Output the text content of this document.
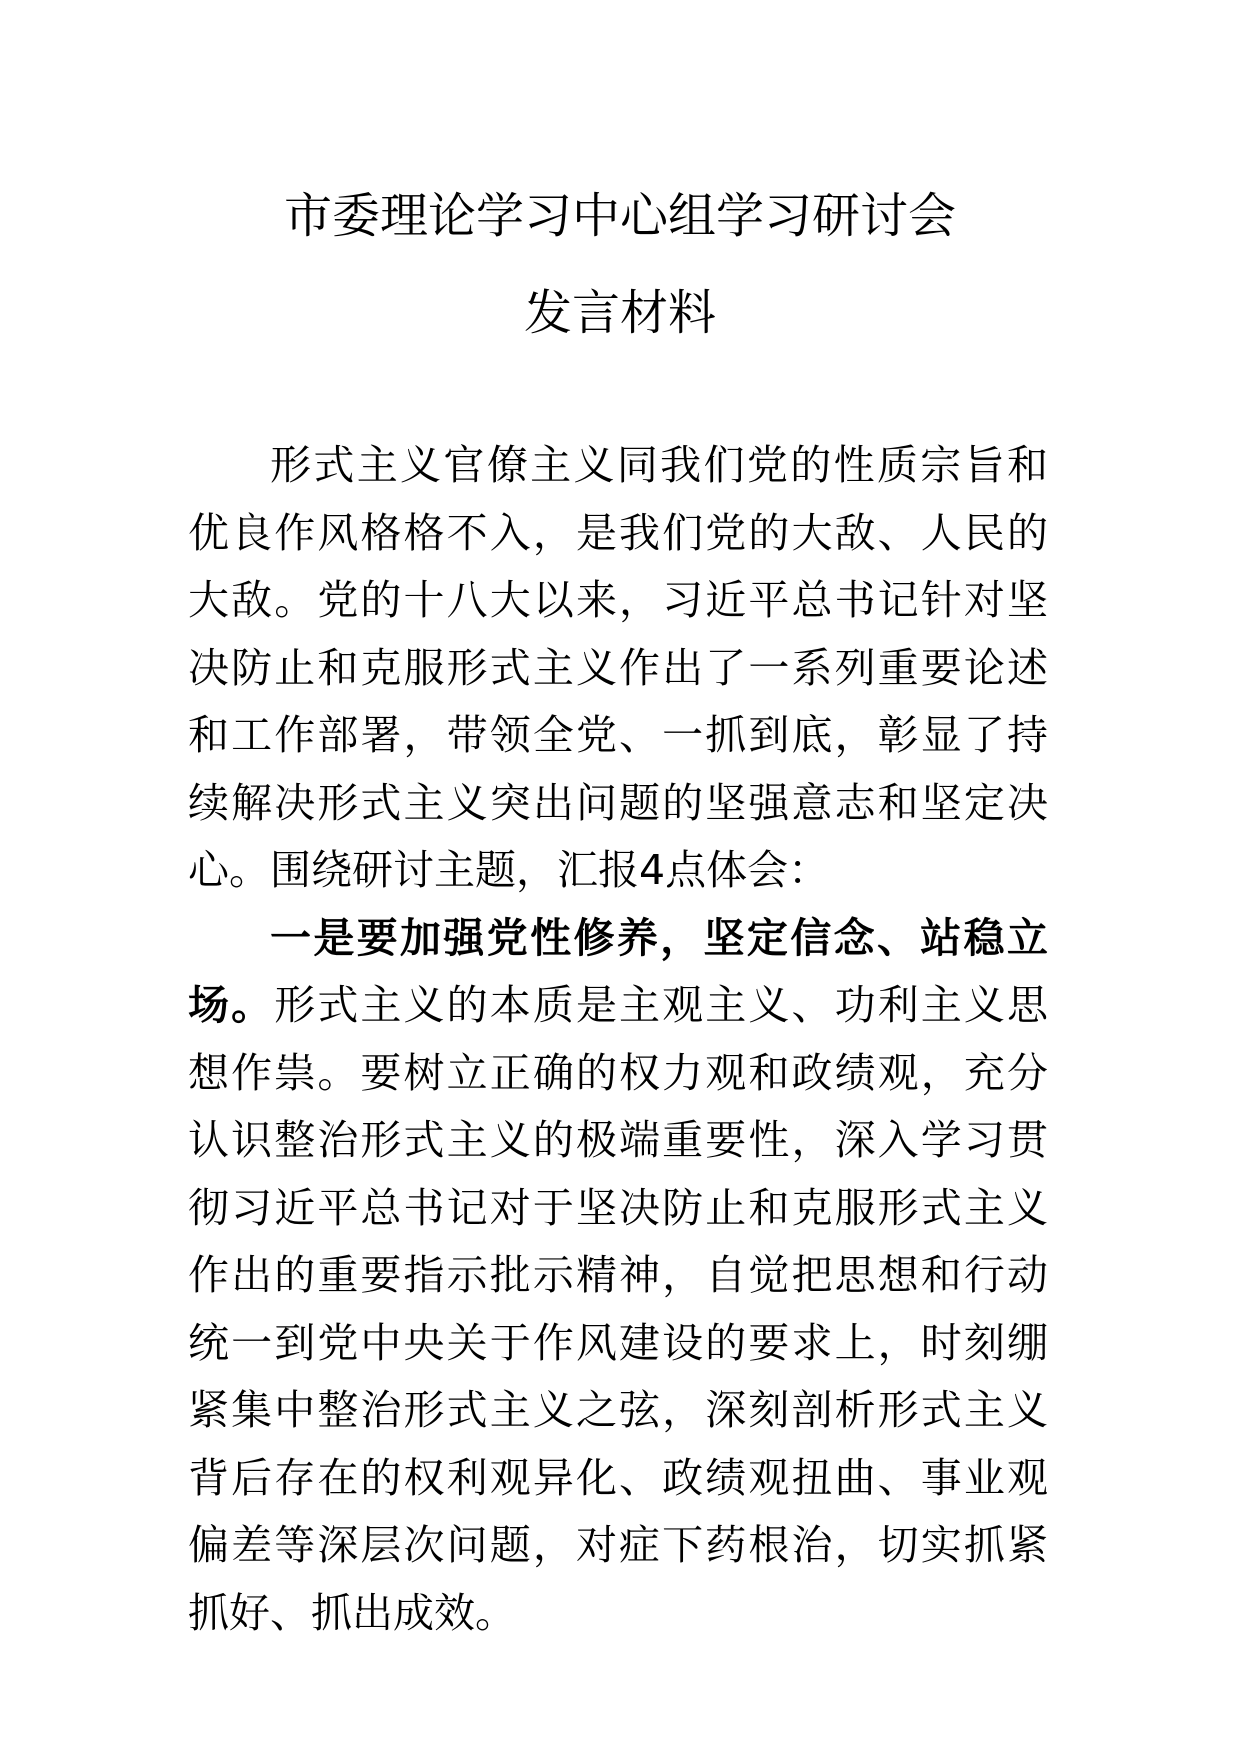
市委理论学习中心组学习研讨会
发言材料

形式主义官僚主义同我们党的性质宗旨和优良作风格格不入，是我们党的大敌、人民的大敌。党的十八大以来，习近平总书记针对坚决防止和克服形式主义作出了一系列重要论述和工作部署，带领全党、一抓到底，彰显了持续解决形式主义突出问题的坚强意志和坚定决心。围绕研讨主题，汇报4点体会：

一是要加强党性修养，坚定信念、站稳立场。形式主义的本质是主观主义、功利主义思想作祟。要树立正确的权力观和政绩观，充分认识整治形式主义的极端重要性，深入学习贯彻习近平总书记对于坚决防止和克服形式主义作出的重要指示批示精神，自觉把思想和行动统一到党中央关于作风建设的要求上，时刻绷紧集中整治形式主义之弦，深刻剖析形式主义背后存在的权利观异化、政绩观扭曲、事业观偏差等深层次问题，对症下药根治，切实抓紧抓好、抓出成效。
